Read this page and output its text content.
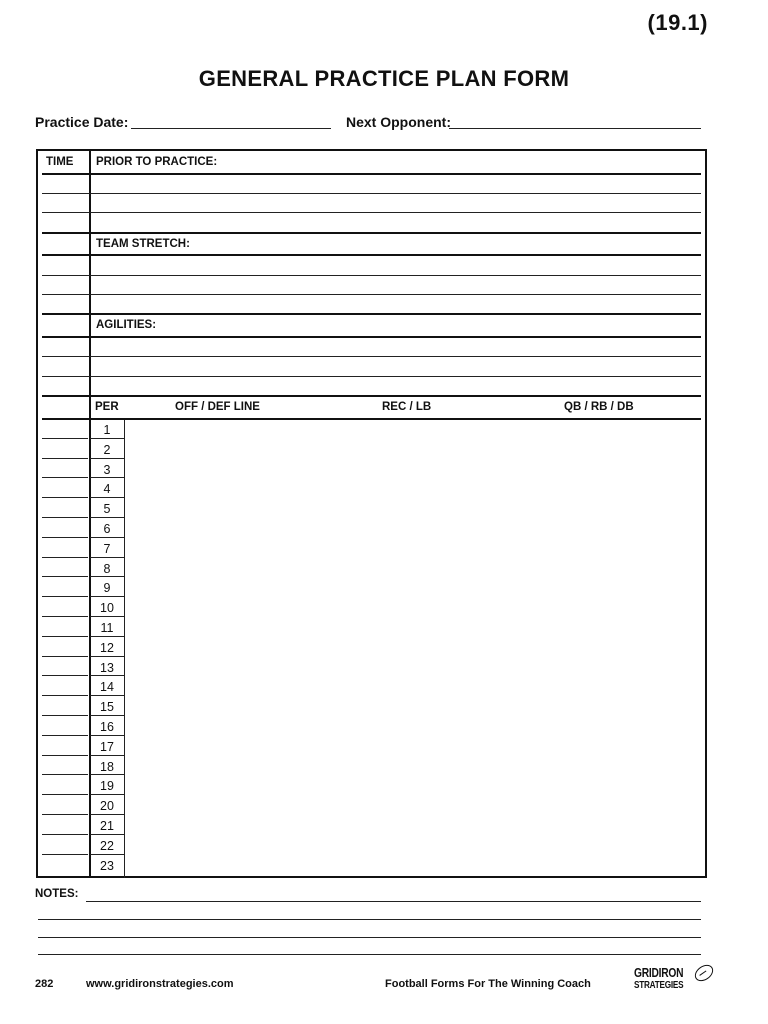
(19.1)
GENERAL PRACTICE PLAN FORM
Practice Date:	Next Opponent:
TIME PRIOR TO PRACTICE:
TEAM STRETCH:
AGILITIES:
PER	OFF / DEF LINE	REC / LB	QB / RB / DB
1
2
3
4
5
6
7
8
9
10
11
12
13
14
15
16
17
18
19
20
21
22
23
NOTES:
282	www.gridironstrategies.com	Football Forms For The Winning Coach
GRIDIRON
STRATEGIES
